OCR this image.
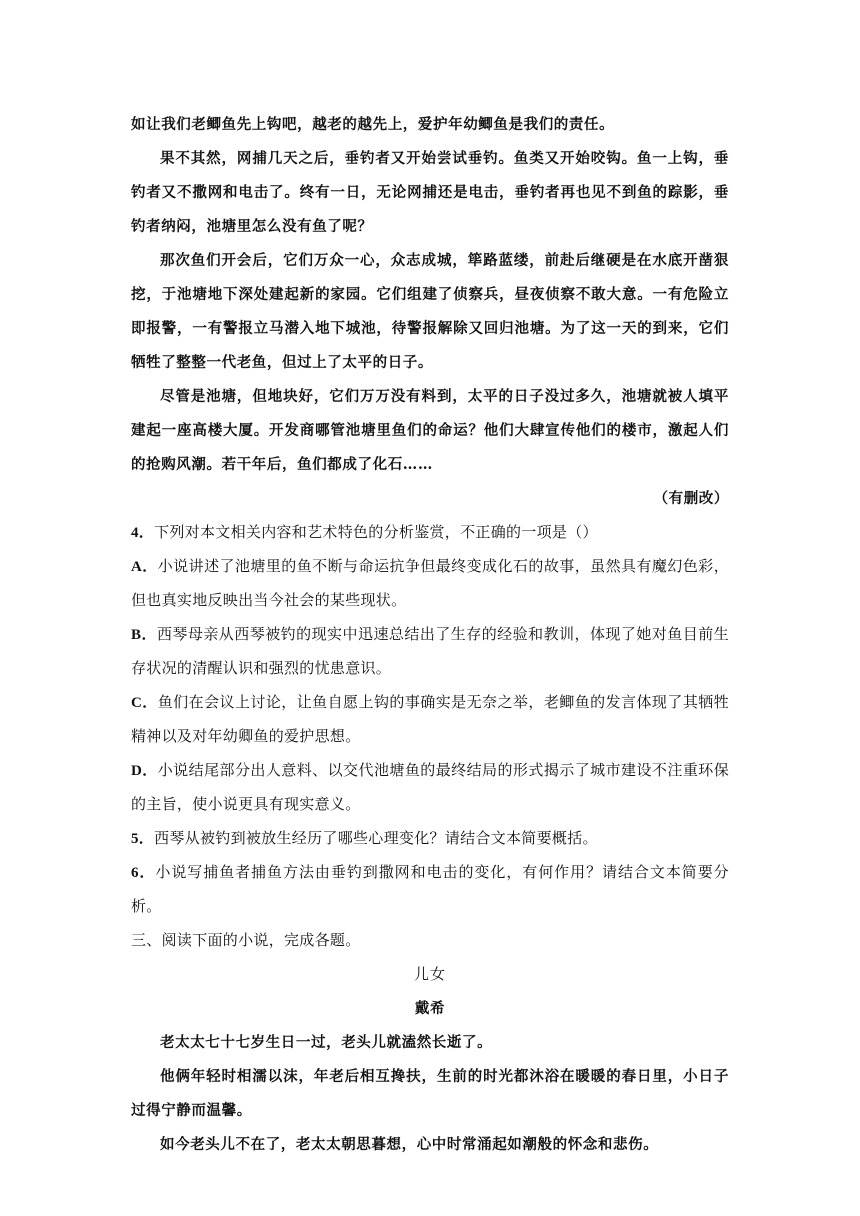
如让我们老鲫鱼先上钩吧，越老的越先上，爱护年幼鲫鱼是我们的责任。

果不其然，网捕几天之后，垂钓者又开始尝试垂钓。鱼类又开始咬钩。鱼一上钩，垂钓者又不撒网和电击了。终有一日，无论网捕还是电击，垂钓者再也见不到鱼的踪影，垂钓者纳闷，池塘里怎么没有鱼了呢？

那次鱼们开会后，它们万众一心，众志成城，筚路蓝缕，前赴后继硬是在水底开凿狠挖，于池塘地下深处建起新的家园。它们组建了侦察兵，昼夜侦察不敢大意。一有危险立即报警，一有警报立马潜入地下城池，待警报解除又回归池塘。为了这一天的到来，它们牺牲了整整一代老鱼，但过上了太平的日子。

尽管是池塘，但地块好，它们万万没有料到，太平的日子没过多久，池塘就被人填平建起一座高楼大厦。开发商哪管池塘里鱼们的命运？他们大肆宣传他们的楼市，激起人们的抢购风潮。若干年后，鱼们都成了化石……

（有删改）

4．下列对本文相关内容和艺术特色的分析鉴赏，不正确的一项是（）

A．小说讲述了池塘里的鱼不断与命运抗争但最终变成化石的故事，虽然具有魔幻色彩，但也真实地反映出当今社会的某些现状。

B．西琴母亲从西琴被钓的现实中迅速总结出了生存的经验和教训，体现了她对鱼目前生存状况的清醒认识和强烈的忧患意识。

C．鱼们在会议上讨论，让鱼自愿上钩的事确实是无奈之举，老鲫鱼的发言体现了其牺牲精神以及对年幼卿鱼的爱护思想。

D．小说结尾部分出人意料、以交代池塘鱼的最终结局的形式揭示了城市建设不注重环保的主旨，使小说更具有现实意义。

5．西琴从被钓到被放生经历了哪些心理变化？请结合文本简要概括。

6．小说写捕鱼者捕鱼方法由垂钓到撒网和电击的变化，有何作用？请结合文本简要分析。

三、阅读下面的小说，完成各题。

儿女

戴希

老太太七十七岁生日一过，老头儿就溘然长逝了。

他俩年轻时相濡以沫，年老后相互搀扶，生前的时光都沐浴在暖暖的春日里，小日子过得宁静而温馨。

如今老头儿不在了，老太太朝思暮想，心中时常涌起如潮般的怀念和悲伤。
